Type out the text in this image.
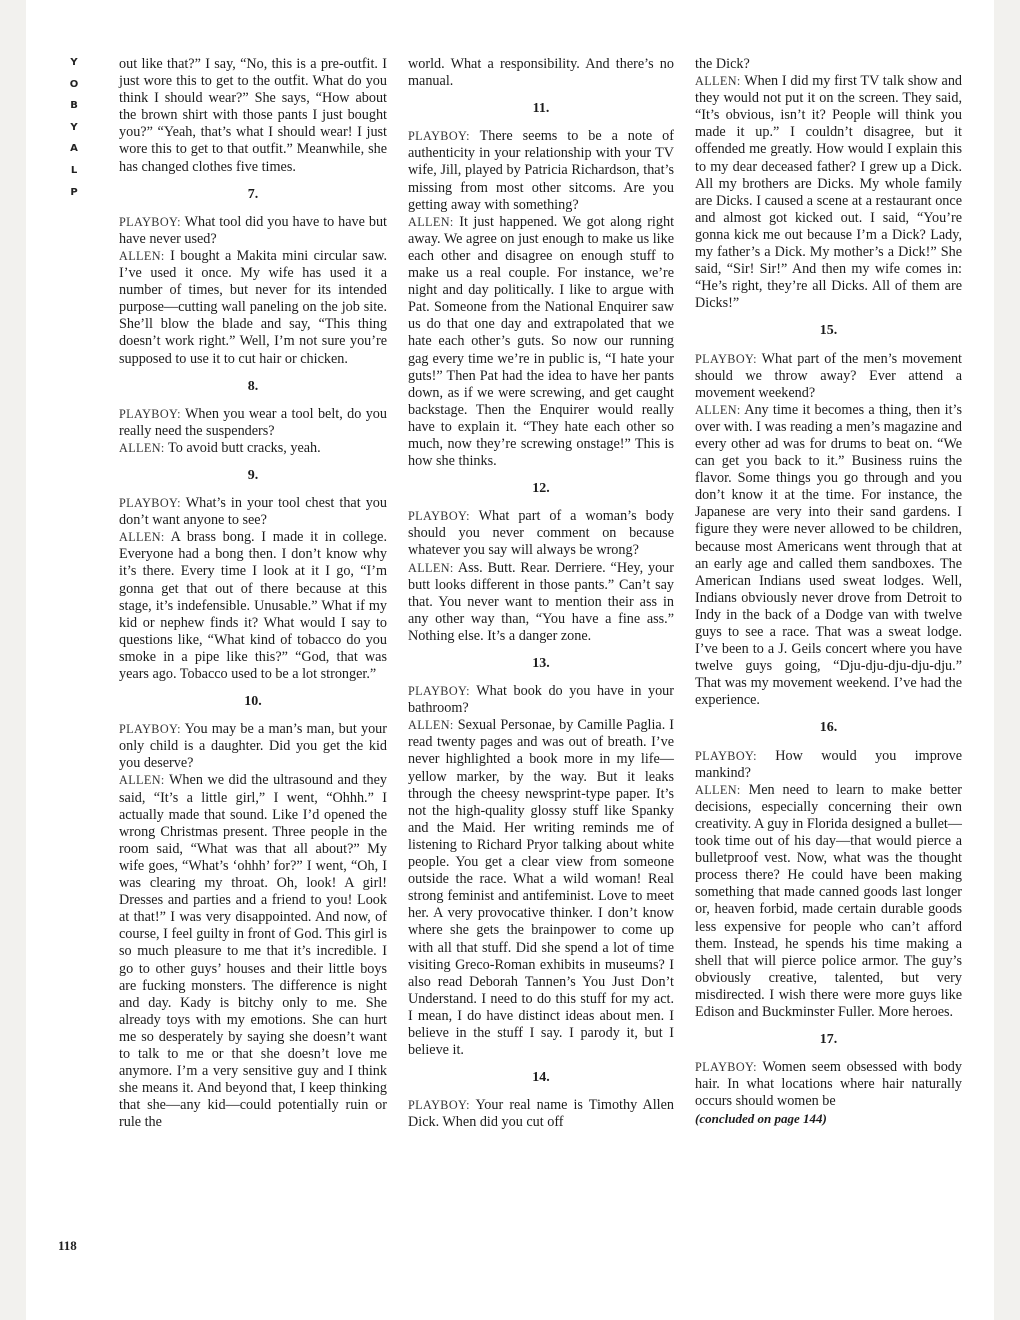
Y
O
B
Y
A
L
P
118

out like that?” I say, “No, this is a pre-outfit. I just wore this to get to the outfit. What do you think I should wear?” She says, “How about the brown shirt with those pants I just bought you?” “Yeah, that’s what I should wear! I just wore this to get to that outfit.” Meanwhile, she has changed clothes five times.

7.

PLAYBOY: What tool did you have to have but have never used?

ALLEN: I bought a Makita mini circular saw. I’ve used it once. My wife has used it a number of times, but never for its intended purpose—cutting wall paneling on the job site. She’ll blow the blade and say, “This thing doesn’t work right.” Well, I’m not sure you’re supposed to use it to cut hair or chicken.

8.

PLAYBOY: When you wear a tool belt, do you really need the suspenders?

ALLEN: To avoid butt cracks, yeah.

9.

PLAYBOY: What’s in your tool chest that you don’t want anyone to see?

ALLEN: A brass bong. I made it in college. Everyone had a bong then. I don’t know why it’s there. Every time I look at it I go, “I’m gonna get that out of there because at this stage, it’s indefensible. Unusable.” What if my kid or nephew finds it? What would I say to questions like, “What kind of tobacco do you smoke in a pipe like this?” “God, that was years ago. Tobacco used to be a lot stronger.”

10.

PLAYBOY: You may be a man’s man, but your only child is a daughter. Did you get the kid you deserve?

ALLEN: When we did the ultrasound and they said, “It’s a little girl,” I went, “Ohhh.” I actually made that sound. Like I’d opened the wrong Christmas present. Three people in the room said, “What was that all about?” My wife goes, “What’s ‘ohhh’ for?” I went, “Oh, I was clearing my throat. Oh, look! A girl! Dresses and parties and a friend to you! Look at that!” I was very disappointed. And now, of course, I feel guilty in front of God. This girl is so much pleasure to me that it’s incredible. I go to other guys’ houses and their little boys are fucking monsters. The difference is night and day. Kady is bitchy only to me. She already toys with my emotions. She can hurt me so desperately by saying she doesn’t want to talk to me or that she doesn’t love me anymore. I’m a very sensitive guy and I think she means it. And beyond that, I keep thinking that she—any kid—could potentially ruin or rule the

world. What a responsibility. And there’s no manual.

11.

PLAYBOY: There seems to be a note of authenticity in your relationship with your TV wife, Jill, played by Patricia Richardson, that’s missing from most other sitcoms. Are you getting away with something?

ALLEN: It just happened. We got along right away. We agree on just enough to make us like each other and disagree on enough stuff to make us a real couple. For instance, we’re night and day politically. I like to argue with Pat. Someone from the National Enquirer saw us do that one day and extrapolated that we hate each other’s guts. So now our running gag every time we’re in public is, “I hate your guts!” Then Pat had the idea to have her pants down, as if we were screwing, and get caught backstage. Then the Enquirer would really have to explain it. “They hate each other so much, now they’re screwing onstage!” This is how she thinks.

12.

PLAYBOY: What part of a woman’s body should you never comment on because whatever you say will always be wrong?

ALLEN: Ass. Butt. Rear. Derriere. “Hey, your butt looks different in those pants.” Can’t say that. You never want to mention their ass in any other way than, “You have a fine ass.” Nothing else. It’s a danger zone.

13.

PLAYBOY: What book do you have in your bathroom?

ALLEN: Sexual Personae, by Camille Paglia. I read twenty pages and was out of breath. I’ve never highlighted a book more in my life—yellow marker, by the way. But it leaks through the cheesy newsprint-type paper. It’s not the high-quality glossy stuff like Spanky and the Maid. Her writing reminds me of listening to Richard Pryor talking about white people. You get a clear view from someone outside the race. What a wild woman! Real strong feminist and antifeminist. Love to meet her. A very provocative thinker. I don’t know where she gets the brainpower to come up with all that stuff. Did she spend a lot of time visiting Greco-Roman exhibits in museums? I also read Deborah Tannen’s You Just Don’t Understand. I need to do this stuff for my act. I mean, I do have distinct ideas about men. I believe in the stuff I say. I parody it, but I believe it.

14.

PLAYBOY: Your real name is Timothy Allen Dick. When did you cut off

the Dick?

ALLEN: When I did my first TV talk show and they would not put it on the screen. They said, “It’s obvious, isn’t it? People will think you made it up.” I couldn’t disagree, but it offended me greatly. How would I explain this to my dear deceased father? I grew up a Dick. All my brothers are Dicks. My whole family are Dicks. I caused a scene at a restaurant once and almost got kicked out. I said, “You’re gonna kick me out because I’m a Dick? Lady, my father’s a Dick. My mother’s a Dick!” She said, “Sir! Sir!” And then my wife comes in: “He’s right, they’re all Dicks. All of them are Dicks!”

15.

PLAYBOY: What part of the men’s movement should we throw away? Ever attend a movement weekend?

ALLEN: Any time it becomes a thing, then it’s over with. I was reading a men’s magazine and every other ad was for drums to beat on. “We can get you back to it.” Business ruins the flavor. Some things you go through and you don’t know it at the time. For instance, the Japanese are very into their sand gardens. I figure they were never allowed to be children, because most Americans went through that at an early age and called them sandboxes. The American Indians used sweat lodges. Well, Indians obviously never drove from Detroit to Indy in the back of a Dodge van with twelve guys to see a race. That was a sweat lodge. I’ve been to a J. Geils concert where you have twelve guys going, “Dju-dju-dju-dju-dju.” That was my movement weekend. I’ve had the experience.

16.

PLAYBOY: How would you improve mankind?

ALLEN: Men need to learn to make better decisions, especially concerning their own creativity. A guy in Florida designed a bullet—took time out of his day—that would pierce a bulletproof vest. Now, what was the thought process there? He could have been making something that made canned goods last longer or, heaven forbid, made certain durable goods less expensive for people who can’t afford them. Instead, he spends his time making a shell that will pierce police armor. The guy’s obviously creative, talented, but very misdirected. I wish there were more guys like Edison and Buckminster Fuller. More heroes.

17.

PLAYBOY: Women seem obsessed with body hair. In what locations where hair naturally occurs should women be

(concluded on page 144)
